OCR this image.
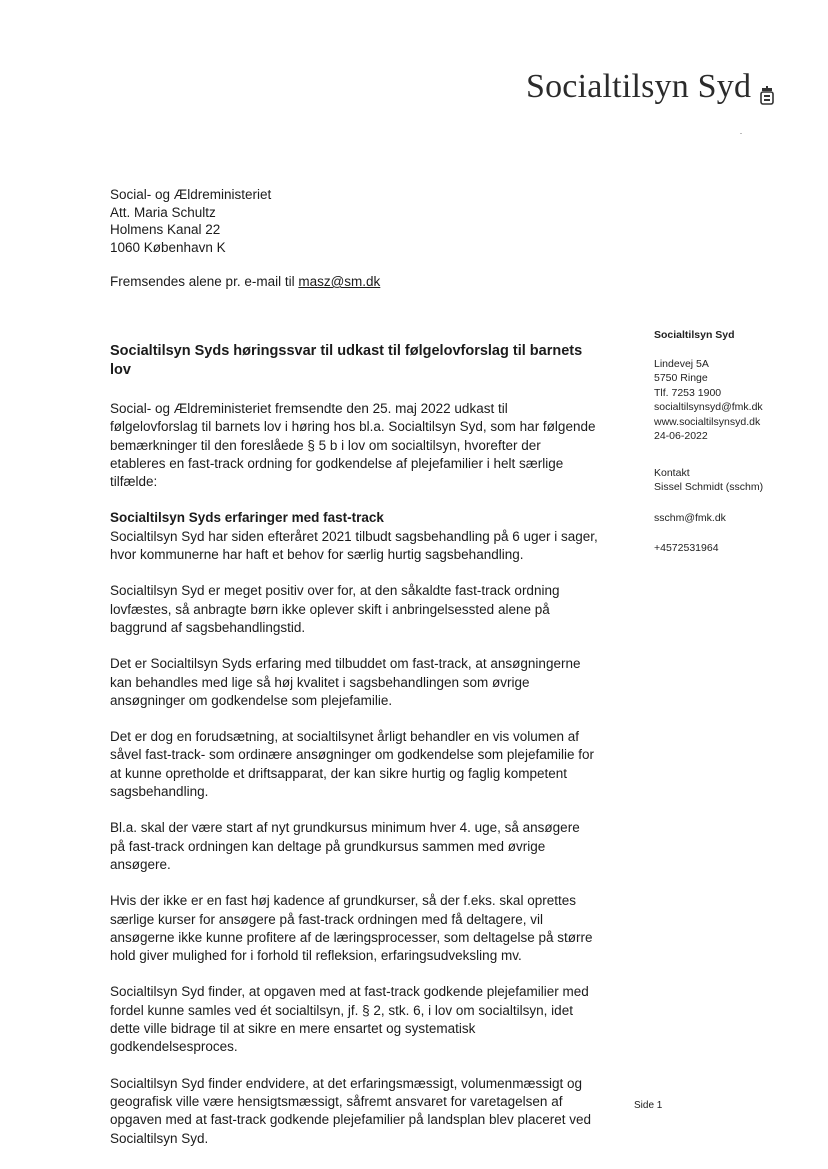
Socialtilsyn Syd
Social- og Ældreministeriet
Att. Maria Schultz
Holmens Kanal 22
1060 København K
Fremsendes alene pr. e-mail til masz@sm.dk
Socialtilsyn Syds høringssvar til udkast til følgelovforslag til barnets lov

Social- og Ældreministeriet fremsendte den 25. maj 2022 udkast til følgelovforslag til barnets lov i høring hos bl.a. Socialtilsyn Syd, som har følgende bemærkninger til den foreslåede § 5 b i lov om socialtilsyn, hvorefter der etableres en fast-track ordning for godkendelse af plejefamilier i helt særlige tilfælde:

Socialtilsyn Syds erfaringer med fast-track

Socialtilsyn Syd har siden efteråret 2021 tilbudt sagsbehandling på 6 uger i sager, hvor kommunerne har haft et behov for særlig hurtig sagsbehandling.

Socialtilsyn Syd er meget positiv over for, at den såkaldte fast-track ordning lovfæstes, så anbragte børn ikke oplever skift i anbringelsessted alene på baggrund af sagsbehandlingstid.

Det er Socialtilsyn Syds erfaring med tilbuddet om fast-track, at ansøgningerne kan behandles med lige så høj kvalitet i sagsbehandlingen som øvrige ansøgninger om godkendelse som plejefamilie.

Det er dog en forudsætning, at socialtilsynet årligt behandler en vis volumen af såvel fast-track- som ordinære ansøgninger om godkendelse som plejefamilie for at kunne opretholde et driftsapparat, der kan sikre hurtig og faglig kompetent sagsbehandling.

Bl.a. skal der være start af nyt grundkursus minimum hver 4. uge, så ansøgere på fast-track ordningen kan deltage på grundkursus sammen med øvrige ansøgere.

Hvis der ikke er en fast høj kadence af grundkurser, så der f.eks. skal oprettes særlige kurser for ansøgere på fast-track ordningen med få deltagere, vil ansøgerne ikke kunne profitere af de læringsprocesser, som deltagelse på større hold giver mulighed for i forhold til refleksion, erfaringsudveksling mv.

Socialtilsyn Syd finder, at opgaven med at fast-track godkende plejefamilier med fordel kunne samles ved ét socialtilsyn, jf. § 2, stk. 6, i lov om socialtilsyn, idet dette ville bidrage til at sikre en mere ensartet og systematisk godkendelsesproces.

Socialtilsyn Syd finder endvidere, at det erfaringsmæssigt, volumenmæssigt og geografisk ville være hensigtsmæssigt, såfremt ansvaret for varetagelsen af opgaven med at fast-track godkende plejefamilier på landsplan blev placeret ved Socialtilsyn Syd.

Socialtilsyn Syd
Lindevej 5A
5750 Ringe
Tlf. 7253 1900
socialtilsynsyd@fmk.dk
www.socialtilsynsyd.dk
24-06-2022
Kontakt
Sissel Schmidt (sschm)
sschm@fmk.dk
+4572531964
Side 1
